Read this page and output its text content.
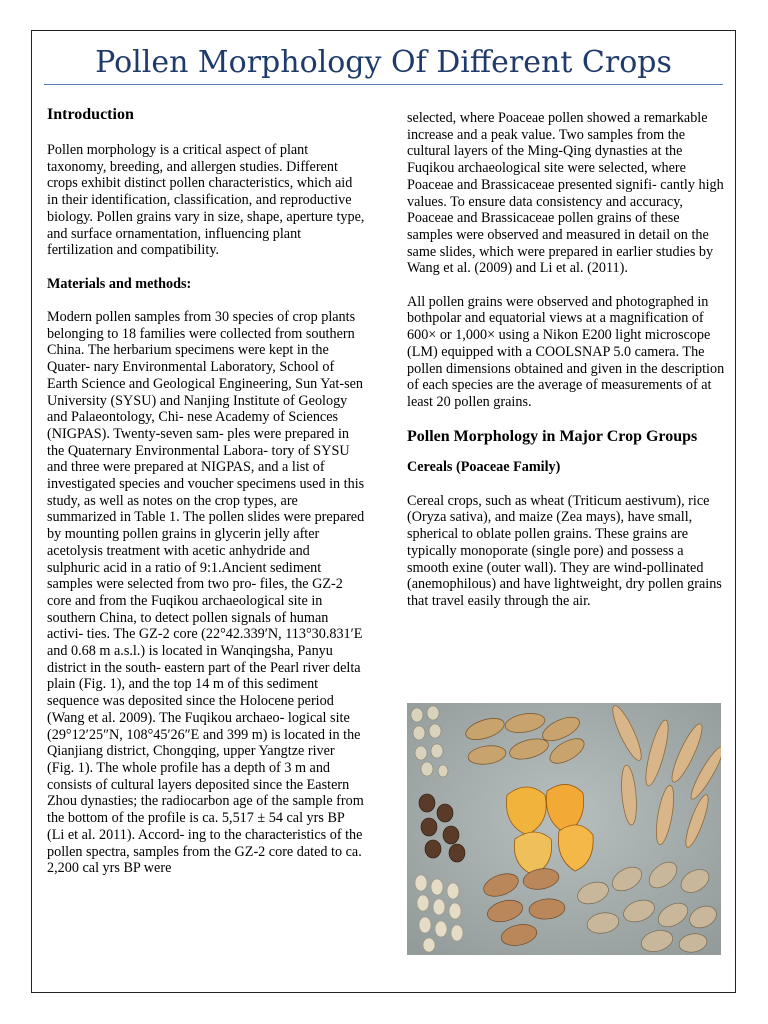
Pollen Morphology Of Different Crops
Introduction

Pollen morphology is a critical aspect of plant taxonomy, breeding, and allergen studies. Different crops exhibit distinct pollen characteristics, which aid in their identification, classification, and reproductive biology. Pollen grains vary in size, shape, aperture type, and surface ornamentation, influencing plant fertilization and compatibility.

Materials and methods:

Modern pollen samples from 30 species of crop plants belonging to 18 families were collected from southern China. The herbarium specimens were kept in the Quater- nary Environmental Laboratory, School of Earth Science and Geological Engineering, Sun Yat-sen University (SYSU) and Nanjing Institute of Geology and Palaeontology, Chi- nese Academy of Sciences (NIGPAS). Twenty-seven sam- ples were prepared in the Quaternary Environmental Labora- tory of SYSU and three were prepared at NIGPAS, and a list of investigated species and voucher specimens used in this study, as well as notes on the crop types, are summarized in Table 1. The pollen slides were prepared by mounting pollen grains in glycerin jelly after acetolysis treatment with acetic anhydride and sulphuric acid in a ratio of 9:1.Ancient sediment samples were selected from two pro- files, the GZ-2 core and from the Fuqikou archaeological site in southern China, to detect pollen signals of human activi- ties. The GZ-2 core (22°42.339′N, 113°30.831′E and 0.68 m a.s.l.) is located in Wanqingsha, Panyu district in the south- eastern part of the Pearl river delta plain (Fig. 1), and the top 14 m of this sediment sequence was deposited since the Holocene period (Wang et al. 2009). The Fuqikou archaeo- logical site (29°12′25″N, 108°45′26″E and 399 m) is located in the Qianjiang district, Chongqing, upper Yangtze river (Fig. 1). The whole profile has a depth of 3 m and consists of cultural layers deposited since the Eastern Zhou dynasties; the radiocarbon age of the sample from the bottom of the profile is ca. 5,517 ± 54 cal yrs BP (Li et al. 2011). Accord- ing to the characteristics of the pollen spectra, samples from the GZ-2 core dated to ca. 2,200 cal yrs BP were

selected, where Poaceae pollen showed a remarkable increase and a peak value. Two samples from the cultural layers of the Ming-Qing dynasties at the Fuqikou archaeological site were selected, where Poaceae and Brassicaceae presented signifi- cantly high values. To ensure data consistency and accuracy, Poaceae and Brassicaceae pollen grains of these samples were observed and measured in detail on the same slides, which were prepared in earlier studies by Wang et al. (2009) and Li et al. (2011).

All pollen grains were observed and photographed in bothpolar and equatorial views at a magnification of 600× or 1,000× using a Nikon E200 light microscope (LM) equipped with a COOLSNAP 5.0 camera. The pollen dimensions obtained and given in the description of each species are the average of measurements of at least 20 pollen grains.

Pollen Morphology in Major Crop Groups
Cereals (Poaceae Family)

Cereal crops, such as wheat (Triticum aestivum), rice (Oryza sativa), and maize (Zea mays), have small, spherical to oblate pollen grains. These grains are typically monoporate (single pore) and possess a smooth exine (outer wall). They are wind-pollinated (anemophilous) and have lightweight, dry pollen grains that travel easily through the air.
